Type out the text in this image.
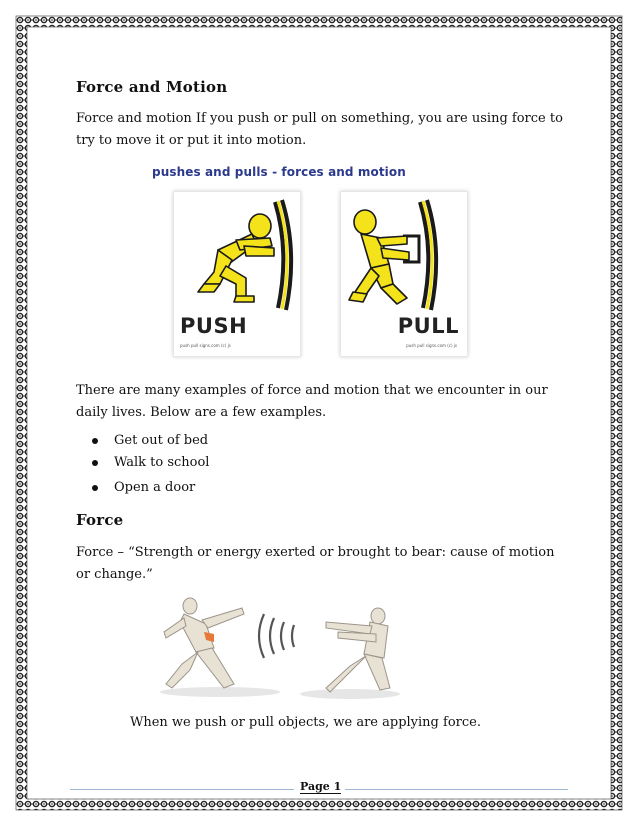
Force and Motion
Force and motion If you push or pull on something, you are using force to try to move it or put it into motion.
pushes and pulls - forces and motion
PUSH
push pull signs.com (c) js
PULL
push pull signs.com (c) js
There are many examples of force and motion that we encounter in our daily lives. Below are a few examples.
Get out of bed
Walk to school
Open a door
Force
Force – “Strength or energy exerted or brought to bear: cause of motion or change.”
When we push or pull objects, we are applying force.
Page 1
